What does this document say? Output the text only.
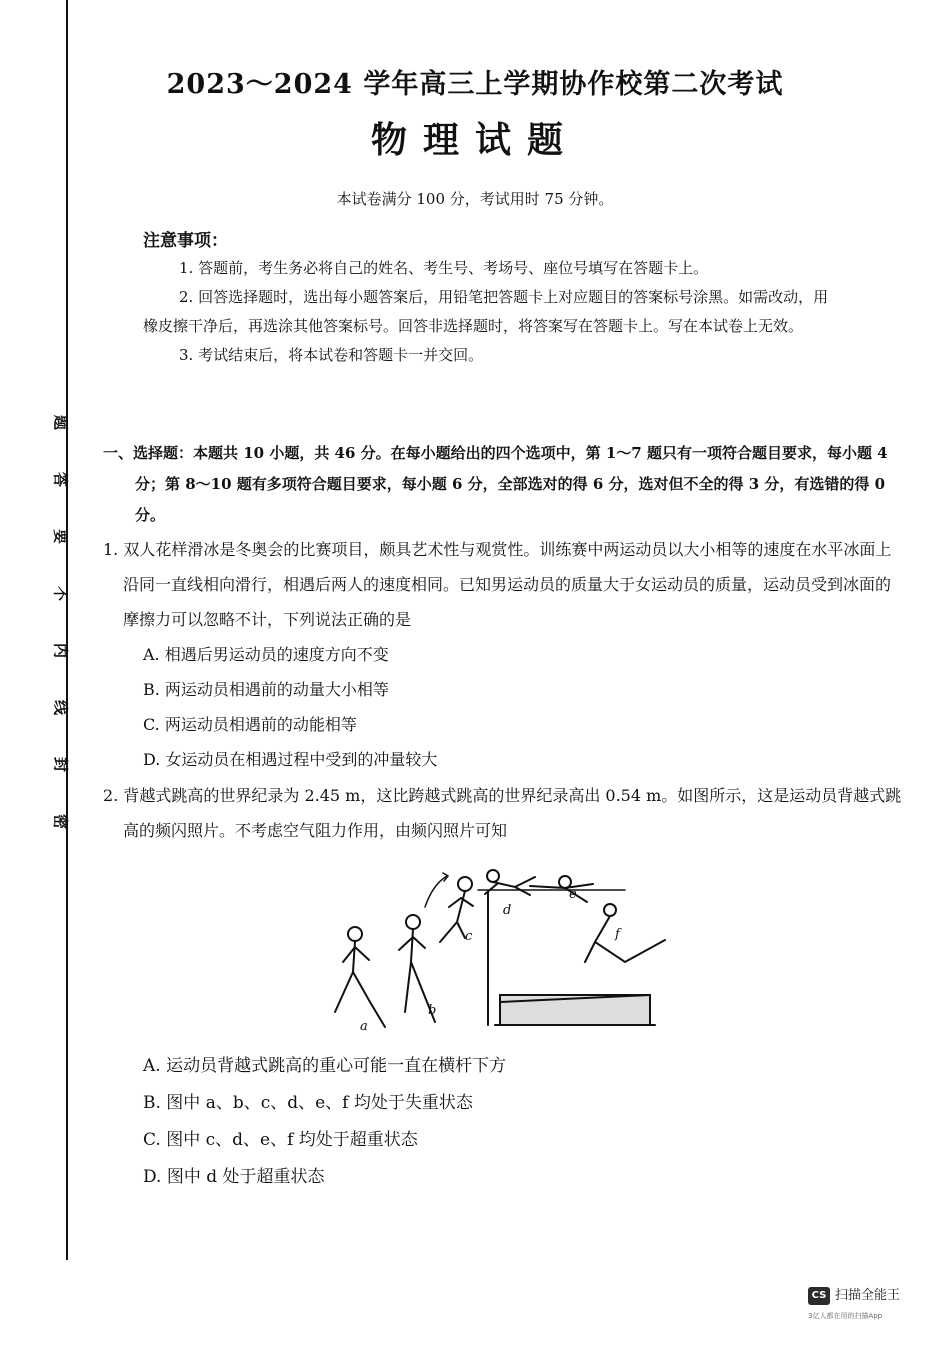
题
答
要
不
内
线
封
密
2023～2024 学年高三上学期协作校第二次考试
物理试题
本试卷满分 100 分，考试用时 75 分钟。
注意事项：

1. 答题前，考生务必将自己的姓名、考生号、考场号、座位号填写在答题卡上。

2. 回答选择题时，选出每小题答案后，用铅笔把答题卡上对应题目的答案标号涂黑。如需改动，用橡皮擦干净后，再选涂其他答案标号。回答非选择题时，将答案写在答题卡上。写在本试卷上无效。

3. 考试结束后，将本试卷和答题卡一并交回。

一、选择题：本题共 10 小题，共 46 分。在每小题给出的四个选项中，第 1～7 题只有一项符合题目要求，每小题 4 分；第 8～10 题有多项符合题目要求，每小题 6 分，全部选对的得 6 分，选对但不全的得 3 分，有选错的得 0 分。

1. 双人花样滑冰是冬奥会的比赛项目，颇具艺术性与观赏性。训练赛中两运动员以大小相等的速度在水平冰面上沿同一直线相向滑行，相遇后两人的速度相同。已知男运动员的质量大于女运动员的质量，运动员受到冰面的摩擦力可以忽略不计，下列说法正确的是

A. 相遇后男运动员的速度方向不变

B. 两运动员相遇前的动量大小相等

C. 两运动员相遇前的动能相等

D. 女运动员在相遇过程中受到的冲量较大

2. 背越式跳高的世界纪录为 2.45 m，这比跨越式跳高的世界纪录高出 0.54 m。如图所示，这是运动员背越式跳高的频闪照片。不考虑空气阻力作用，由频闪照片可知

a
b
c
d
e
f

A. 运动员背越式跳高的重心可能一直在横杆下方

B. 图中 a、b、c、d、e、f 均处于失重状态

C. 图中 c、d、e、f 均处于超重状态

D. 图中 d 处于超重状态

CS 扫描全能王
3亿人都在用的扫描App
